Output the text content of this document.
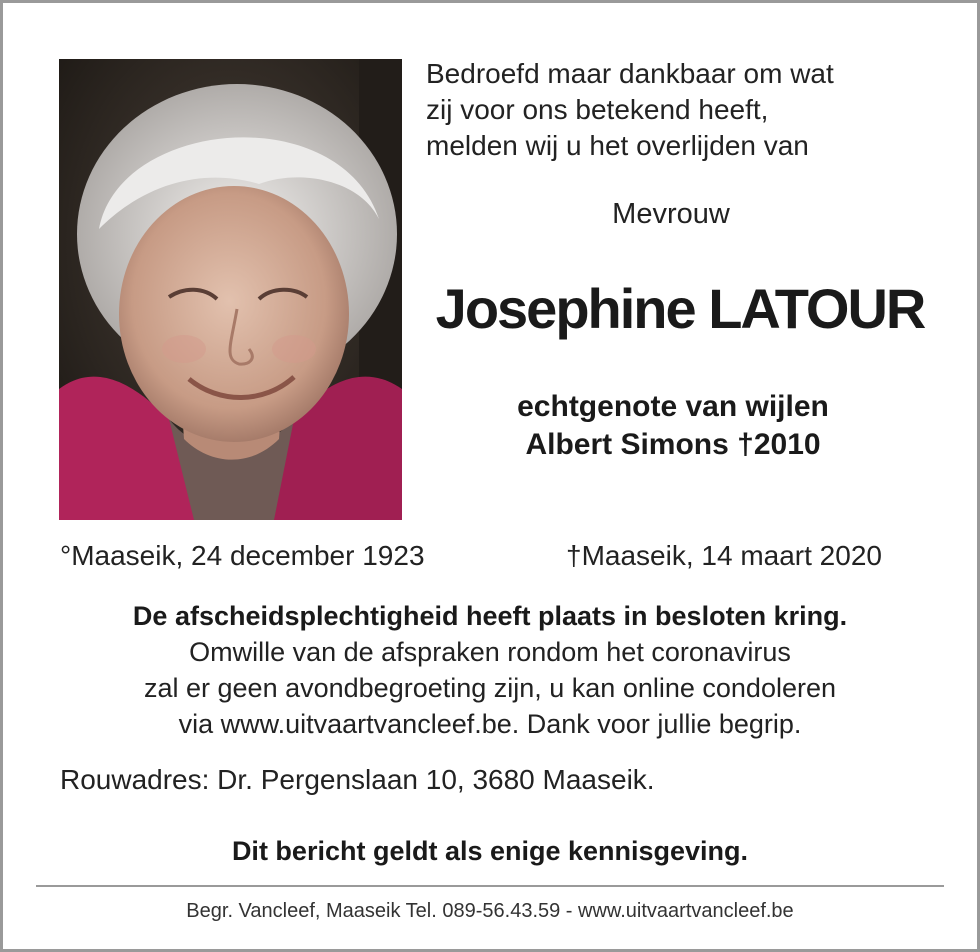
Bedroefd maar dankbaar om wat
zij voor ons betekend heeft,
melden wij u het overlijden van
Mevrouw
Josephine LATOUR
echtgenote van wijlen
Albert Simons †2010
°Maaseik, 24 december 1923	†Maaseik, 14 maart 2020
De afscheidsplechtigheid heeft plaats in besloten kring.
Omwille van de afspraken rondom het coronavirus
zal er geen avondbegroeting zijn, u kan online condoleren
via www.uitvaartvancleef.be. Dank voor jullie begrip.
Rouwadres: Dr. Pergenslaan 10, 3680 Maaseik.
Dit bericht geldt als enige kennisgeving.
Begr. Vancleef, Maaseik Tel. 089-56.43.59 - www.uitvaartvancleef.be
